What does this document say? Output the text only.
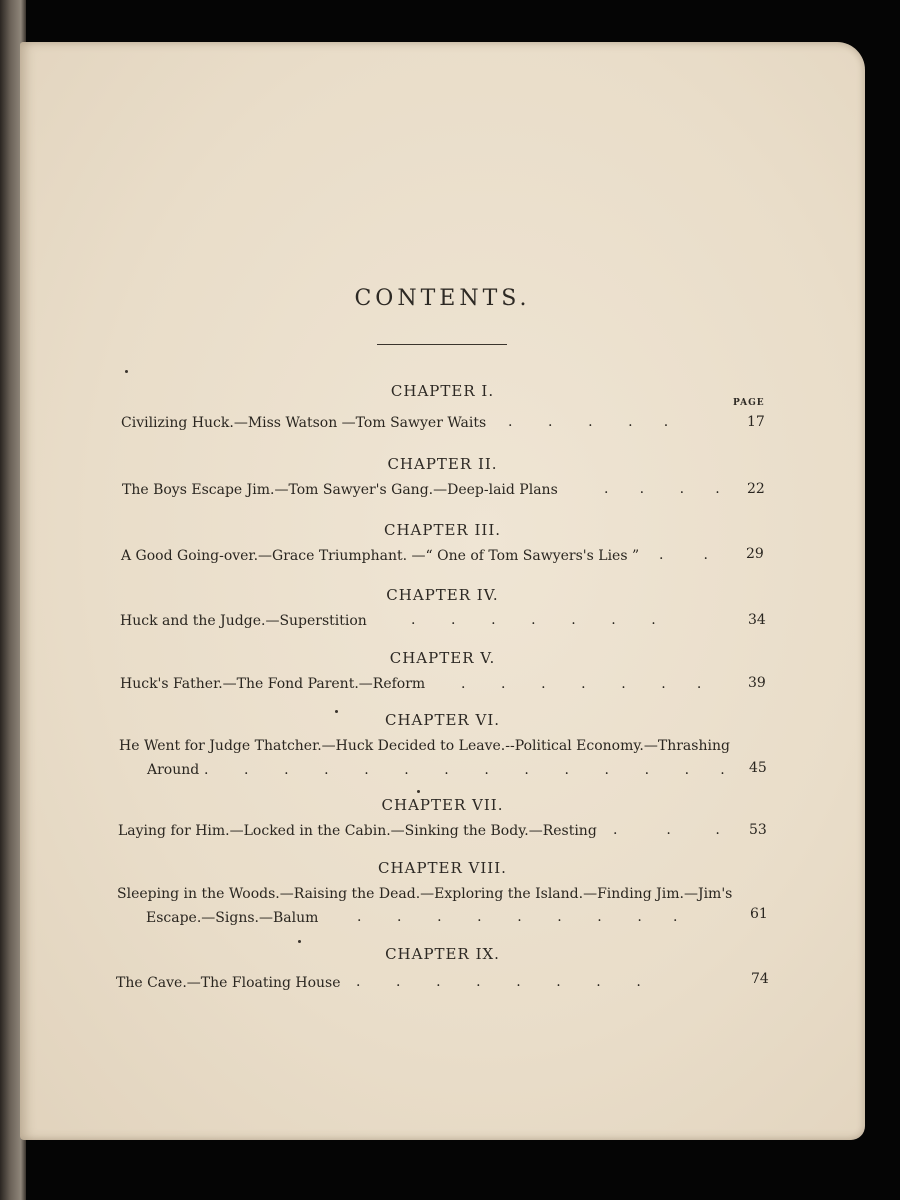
CONTENTS.
PAGE
CHAPTER I.
Civilizing Huck.—Miss Watson —Tom Sawyer Waits .        .        .        .       .	17
CHAPTER II.
The Boys Escape Jim.—Tom Sawyer's Gang.—Deep-laid Plans	.       .        .       . 22
CHAPTER III.
A Good Going-over.—Grace Triumphant. —“ One of Tom Sawyers's Lies ” .         .	29
CHAPTER IV.
Huck and the Judge.—Superstition	.        .        .        .        .        .        .	34
CHAPTER V.
Huck's Father.—The Fond Parent.—Reform	.        .        .        .        .        .       .	39
CHAPTER VI.
He Went for Judge Thatcher.—Huck Decided to Leave.--Political Economy.—Thrashing
Around .        .        .        .        .        .        .        .        .        .        .        .        .       . 45
CHAPTER VII.
Laying for Him.—Locked in the Cabin.—Sinking the Body.—Resting .           .          . 53
CHAPTER VIII.
Sleeping in the Woods.—Raising the Dead.—Exploring the Island.—Finding Jim.—Jim's
Escape.—Signs.—Balum	.        .        .        .        .        .        .        .       .	61
CHAPTER IX.
The Cave.—The Floating House .        .        .        .        .        .        .        .	74
